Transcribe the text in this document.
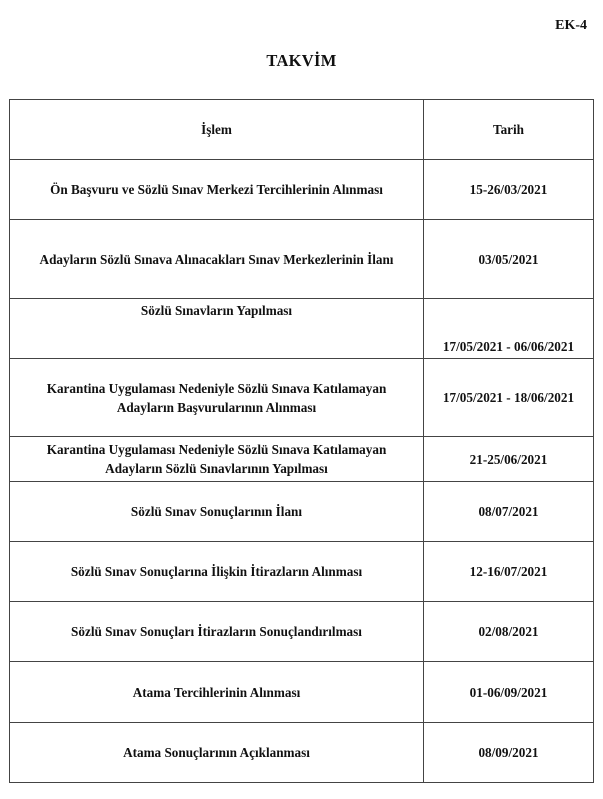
EK-4
TAKVİM
İşlem	Tarih
Ön Başvuru ve Sözlü Sınav Merkezi Tercihlerinin Alınması	15-26/03/2021
Adayların Sözlü Sınava Alınacakları Sınav Merkezlerinin İlanı	03/05/2021
Sözlü Sınavların Yapılması	17/05/2021 - 06/06/2021
Karantina Uygulaması Nedeniyle Sözlü Sınava Katılamayan Adayların Başvurularının Alınması	17/05/2021 - 18/06/2021
Karantina Uygulaması Nedeniyle Sözlü Sınava Katılamayan Adayların Sözlü Sınavlarının Yapılması	21-25/06/2021
Sözlü Sınav Sonuçlarının İlanı	08/07/2021
Sözlü Sınav Sonuçlarına İlişkin İtirazların Alınması	12-16/07/2021
Sözlü Sınav Sonuçları İtirazların Sonuçlandırılması	02/08/2021
Atama Tercihlerinin Alınması	01-06/09/2021
Atama Sonuçlarının Açıklanması	08/09/2021
